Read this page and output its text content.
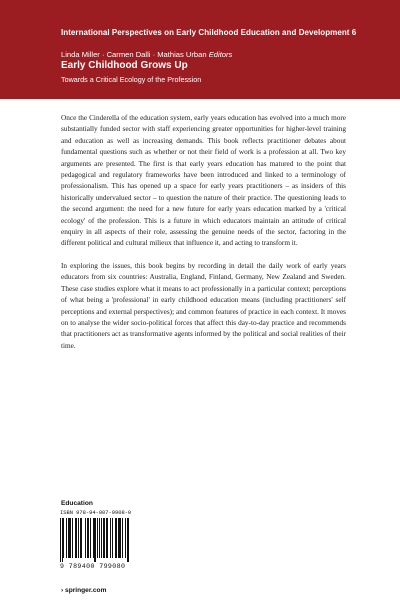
International Perspectives on Early Childhood Education and Development 6
Linda Miller · Carmen Dalli · Mathias Urban Editors
Early Childhood Grows Up
Towards a Critical Ecology of the Profession

Once the Cinderella of the education system, early years education has evolved into a much more substantially funded sector with staff experiencing greater opportunities for higher-level training and education as well as increasing demands. This book reflects practitioner debates about fundamental questions such as whether or not their field of work is a profession at all. Two key arguments are presented. The first is that early years education has matured to the point that pedagogical and regulatory frameworks have been introduced and linked to a terminology of professionalism. This has opened up a space for early years practitioners – as insiders of this historically undervalued sector – to question the nature of their practice. The questioning leads to the second argument: the need for a new future for early years education marked by a 'critical ecology' of the profession. This is a future in which educators maintain an attitude of critical enquiry in all aspects of their role, assessing the genuine needs of the sector, factoring in the different political and cultural milieux that influence it, and acting to transform it.

In exploring the issues, this book begins by recording in detail the daily work of early years educators from six countries: Australia, England, Finland, Germany, New Zealand and Sweden. These case studies explore what it means to act professionally in a particular context; perceptions of what being a 'professional' in early childhood education means (including practitioners' self perceptions and external perspectives); and common features of practice in each context. It moves on to analyse the wider socio-political forces that affect this day-to-day practice and recommends that practitioners act as transformative agents informed by the political and social realities of their time.

Education
ISBN 978-94-007-9908-0
9 789400 799080
› springer.com
